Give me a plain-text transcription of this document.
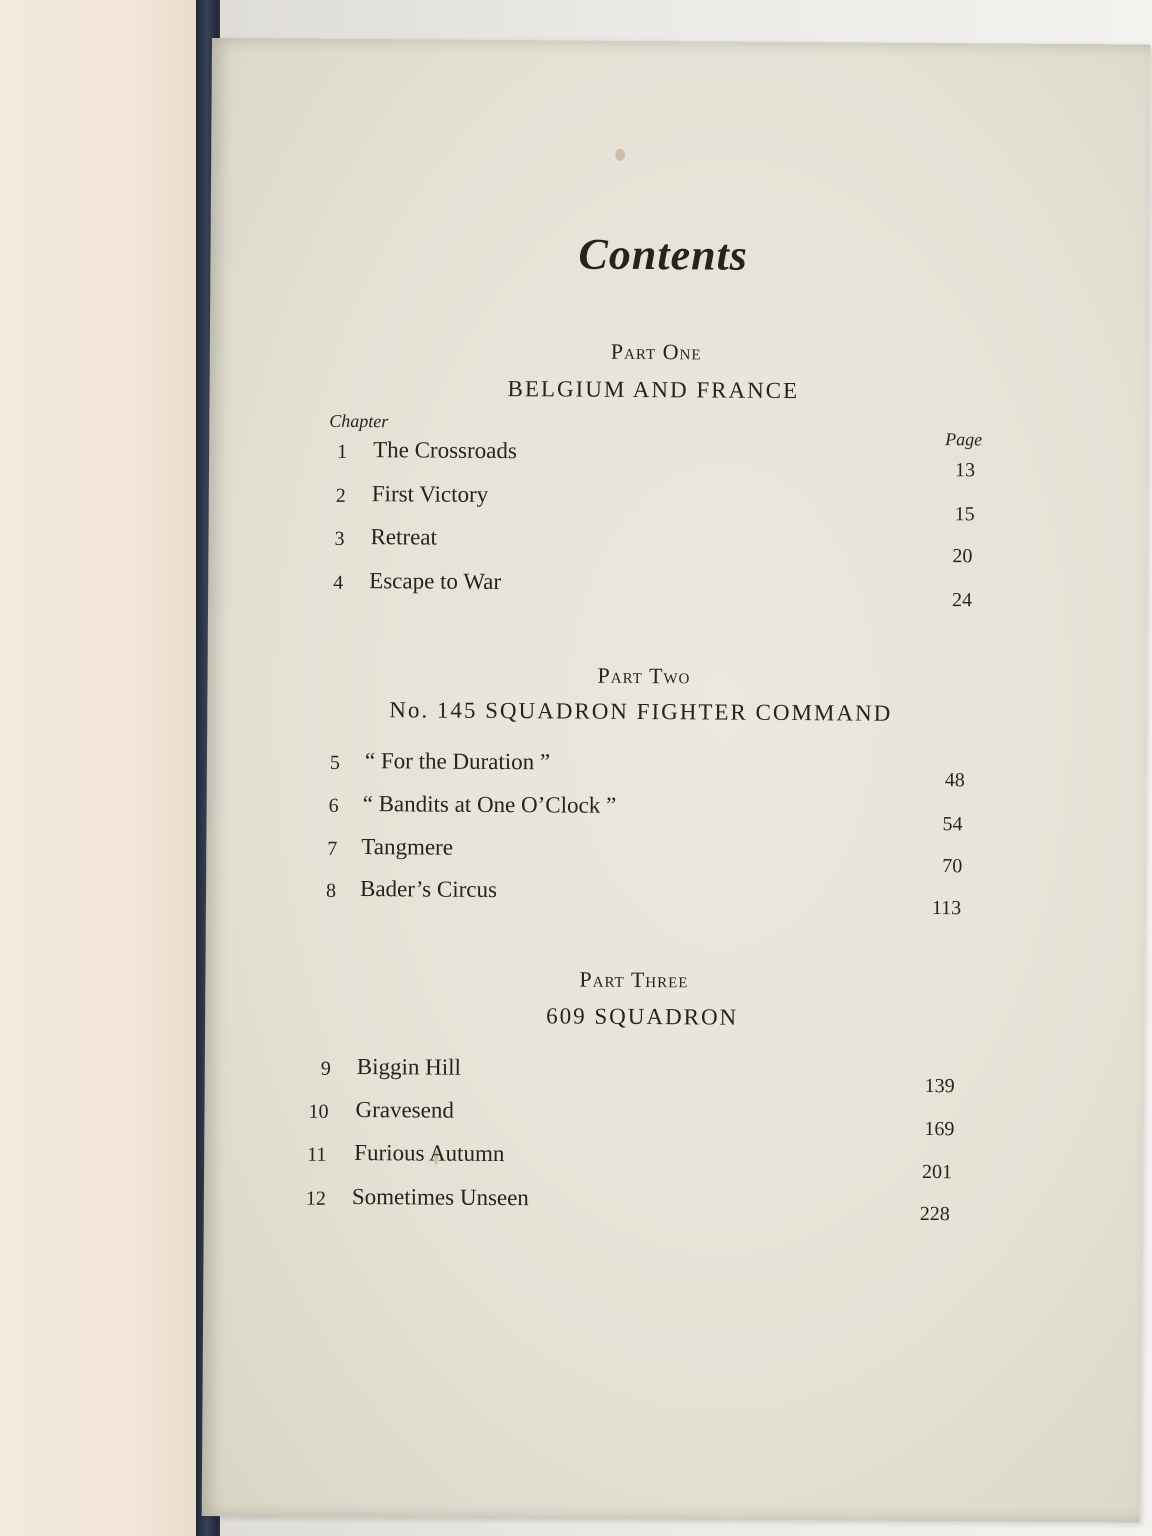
Contents
Chapter
Page
Part One
BELGIUM AND FRANCE
1 The Crossroads
13
2 First Victory
15
3 Retreat
20
4 Escape to War
24
Part Two
No. 145 SQUADRON FIGHTER COMMAND
5 “ For the Duration ”
48
6 “ Bandits at One O’Clock ”
54
7 Tangmere
70
8 Bader’s Circus
113
Part Three
609 SQUADRON
9 Biggin Hill
139
10 Gravesend
169
11 Furious Autumn
201
12 Sometimes Unseen
228
